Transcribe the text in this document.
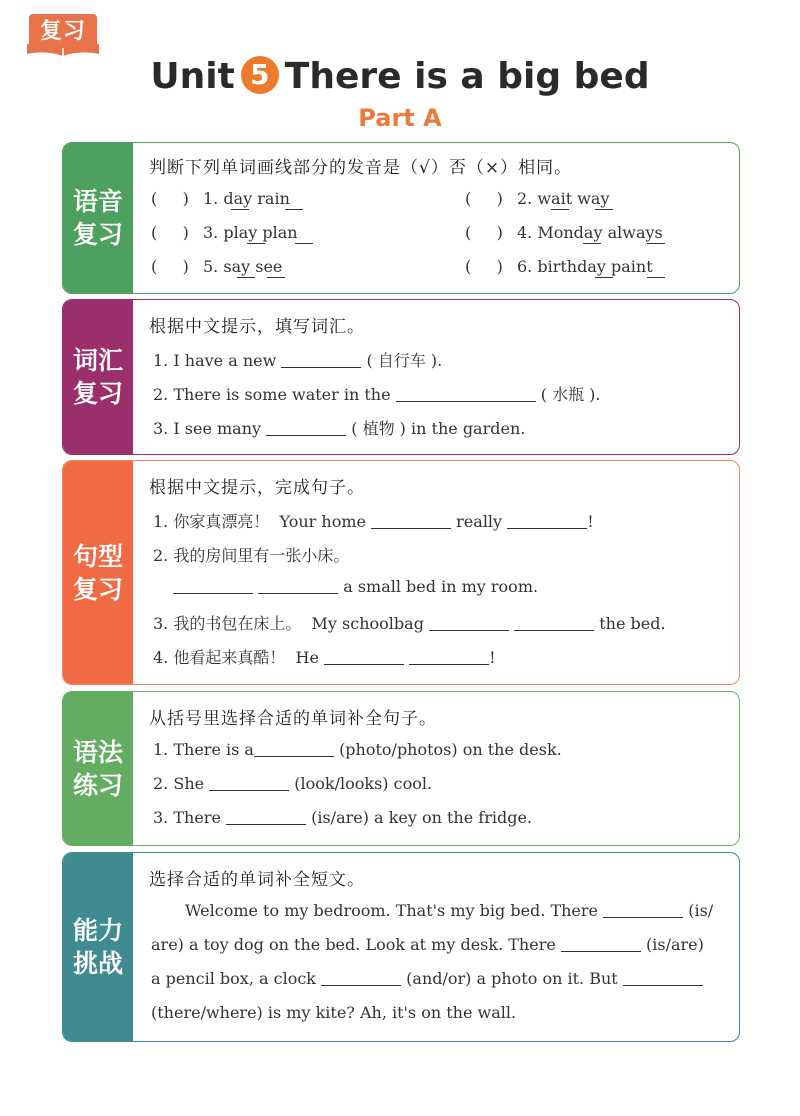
复习
Unit 5 There is a big bed
Part A
语音
复习
判断下列单词画线部分的发音是（√）否（×）相同。
(     ) 1. day rain	(     ) 2. wait way
(     ) 3. play plan	(     ) 4. Monday always
(     ) 5. say see	(     ) 6. birthday paint
词汇
复习
根据中文提示，填写词汇。
1. I have a new	( 自行车 ).
2. There is some water in the	( 水瓶 ).
3. I see many	( 植物 ) in the garden.
句型
复习
根据中文提示，完成句子。
1. 你家真漂亮！ Your home	really	!
2. 我的房间里有一张小床。
a small bed in my room.
3. 我的书包在床上。 My schoolbag	the bed.
4. 他看起来真酷！ He	!
语法
练习
从括号里选择合适的单词补全句子。
1. There is a	(photo/photos) on the desk.
2. She	(look/looks) cool.
3. There	(is/are) a key on the fridge.
能力
挑战
选择合适的单词补全短文。
Welcome to my bedroom. That's my big bed. There	(is/
are) a toy dog on the bed. Look at my desk. There	(is/are)
a pencil box, a clock	(and/or) a photo on it. But
(there/where) is my kite? Ah, it's on the wall.
